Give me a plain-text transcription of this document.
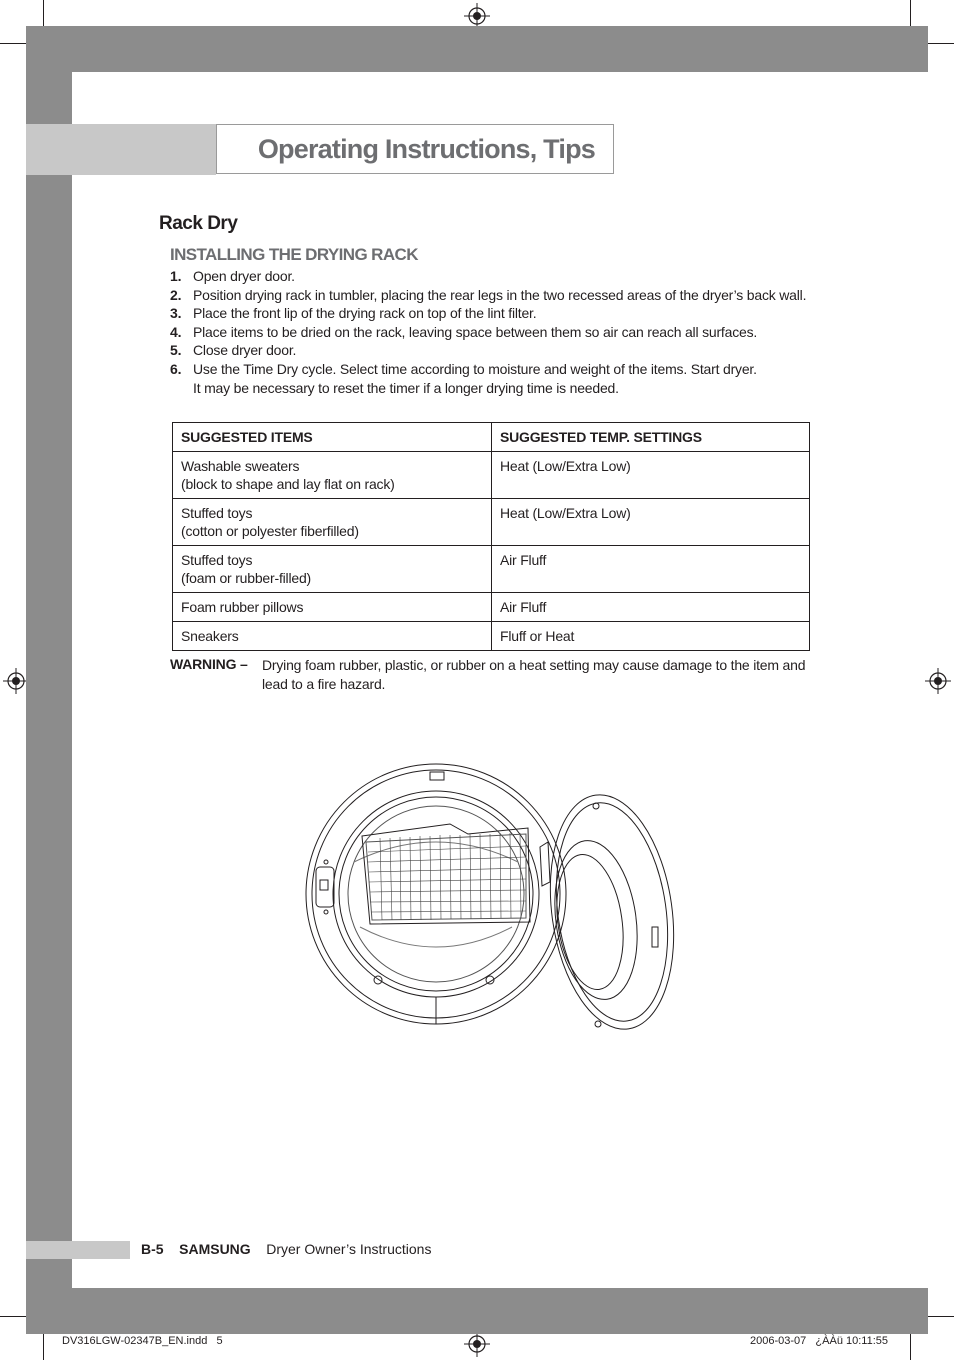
Operating Instructions, Tips
Rack Dry
INSTALLING THE DRYING RACK
1. Open dryer door.
2. Position drying rack in tumbler, placing the rear legs in the two recessed areas of the dryer’s back wall.
3. Place the front lip of the drying rack on top of the lint filter.
4. Place items to be dried on the rack, leaving space between them so air can reach all surfaces.
5. Close dryer door.
6. Use the Time Dry cycle. Select time according to moisture and weight of the items. Start dryer.
It may be necessary to reset the timer if a longer drying time is needed.
SUGGESTED ITEMS	SUGGESTED TEMP. SETTINGS
Washable sweaters
(block to shape and lay flat on rack)	Heat (Low/Extra Low)
Stuffed toys
(cotton or polyester fiberfilled)	Heat (Low/Extra Low)
Stuffed toys
(foam or rubber-filled)	Air Fluff
Foam rubber pillows	Air Fluff
Sneakers	Fluff or Heat
WARNING – Drying foam rubber, plastic, or rubber on a heat setting may cause damage to the item and lead to a fire hazard.
B-5 SAMSUNG Dryer Owner’s Instructions
DV316LGW-02347B_EN.indd   5	2006-03-07   ¿ÀÀü 10:11:55
